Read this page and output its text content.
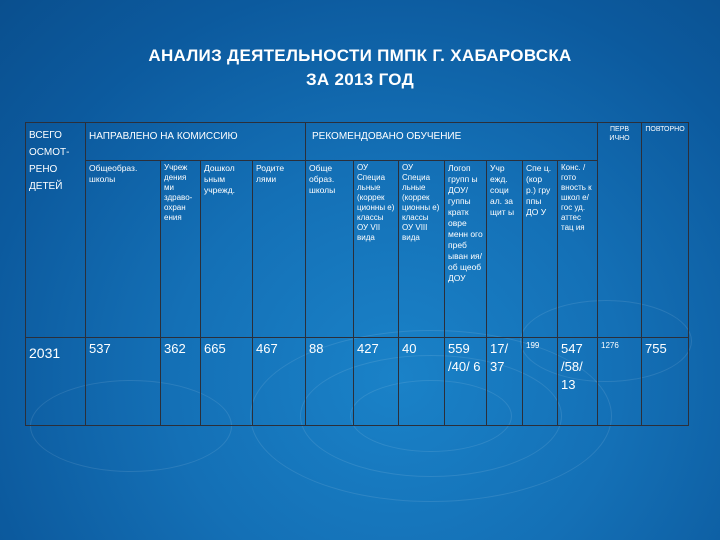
АНАЛИЗ ДЕЯТЕЛЬНОСТИ ПМПК Г. ХАБАРОВСКА
ЗА 2013 ГОД
ВСЕГО ОСМОТ-РЕНО ДЕТЕЙ	НАПРАВЛЕНО НА КОМИССИЮ				РЕКОМЕНДОВАНО ОБУЧЕНИЕ							ПЕРВ ИЧНО	ПОВТОРНО
	Общеобраз. школы	Учреж дения ми здраво-охран ения	Дошкол ьным учрежд.	Родите лями	Обще образ. школы	ОУ Специа льные (коррек ционны е) классы ОУ VII вида	ОУ Специа льные (коррек ционны е) классы ОУ VIII вида	Логоп групп ы ДОУ/ гуппы кратк овре менн ого преб ыван ия/об щеоб ДОУ	Учр ежд. соци ал. за щит ы	Спе ц. (кор р.) гру ппы ДО У	Конс. /гото вность к школ е/гос уд. аттес тац ия		
2031	537	362	665	467	88	427	40	559 /40/ 6	17/ 37	199	547 /58/ 13	1276	755
